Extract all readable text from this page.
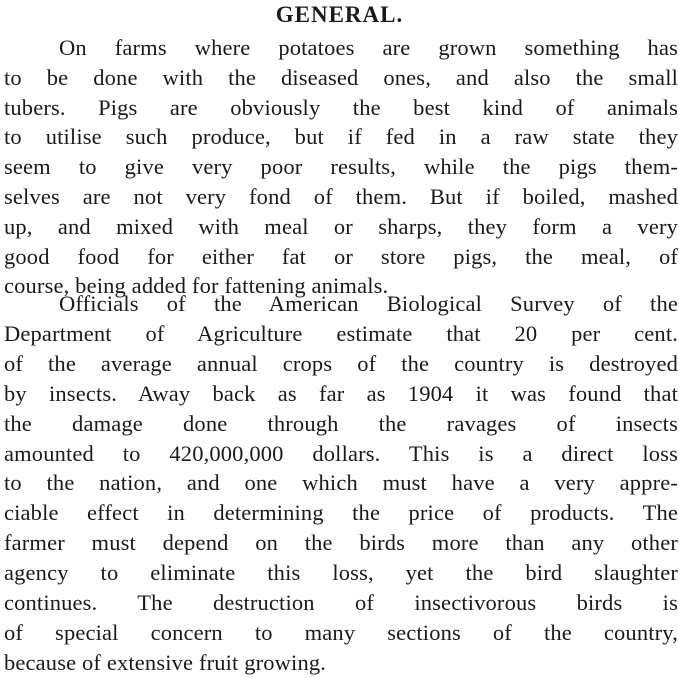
GENERAL.
On farms where potatoes are grown something has
to be done with the diseased ones, and also the small
tubers. Pigs are obviously the best kind of animals
to utilise such produce, but if fed in a raw state they
seem to give very poor results, while the pigs them-
selves are not very fond of them. But if boiled, mashed
up, and mixed with meal or sharps, they form a very
good food for either fat or store pigs, the meal, of
course, being added for fattening animals.
Officials of the American Biological Survey of the
Department of Agriculture estimate that 20 per cent.
of the average annual crops of the country is destroyed
by insects. Away back as far as 1904 it was found that
the damage done through the ravages of insects
amounted to 420,000,000 dollars. This is a direct loss
to the nation, and one which must have a very appre-
ciable effect in determining the price of products. The
farmer must depend on the birds more than any other
agency to eliminate this loss, yet the bird slaughter
continues. The destruction of insectivorous birds is
of special concern to many sections of the country,
because of extensive fruit growing.
